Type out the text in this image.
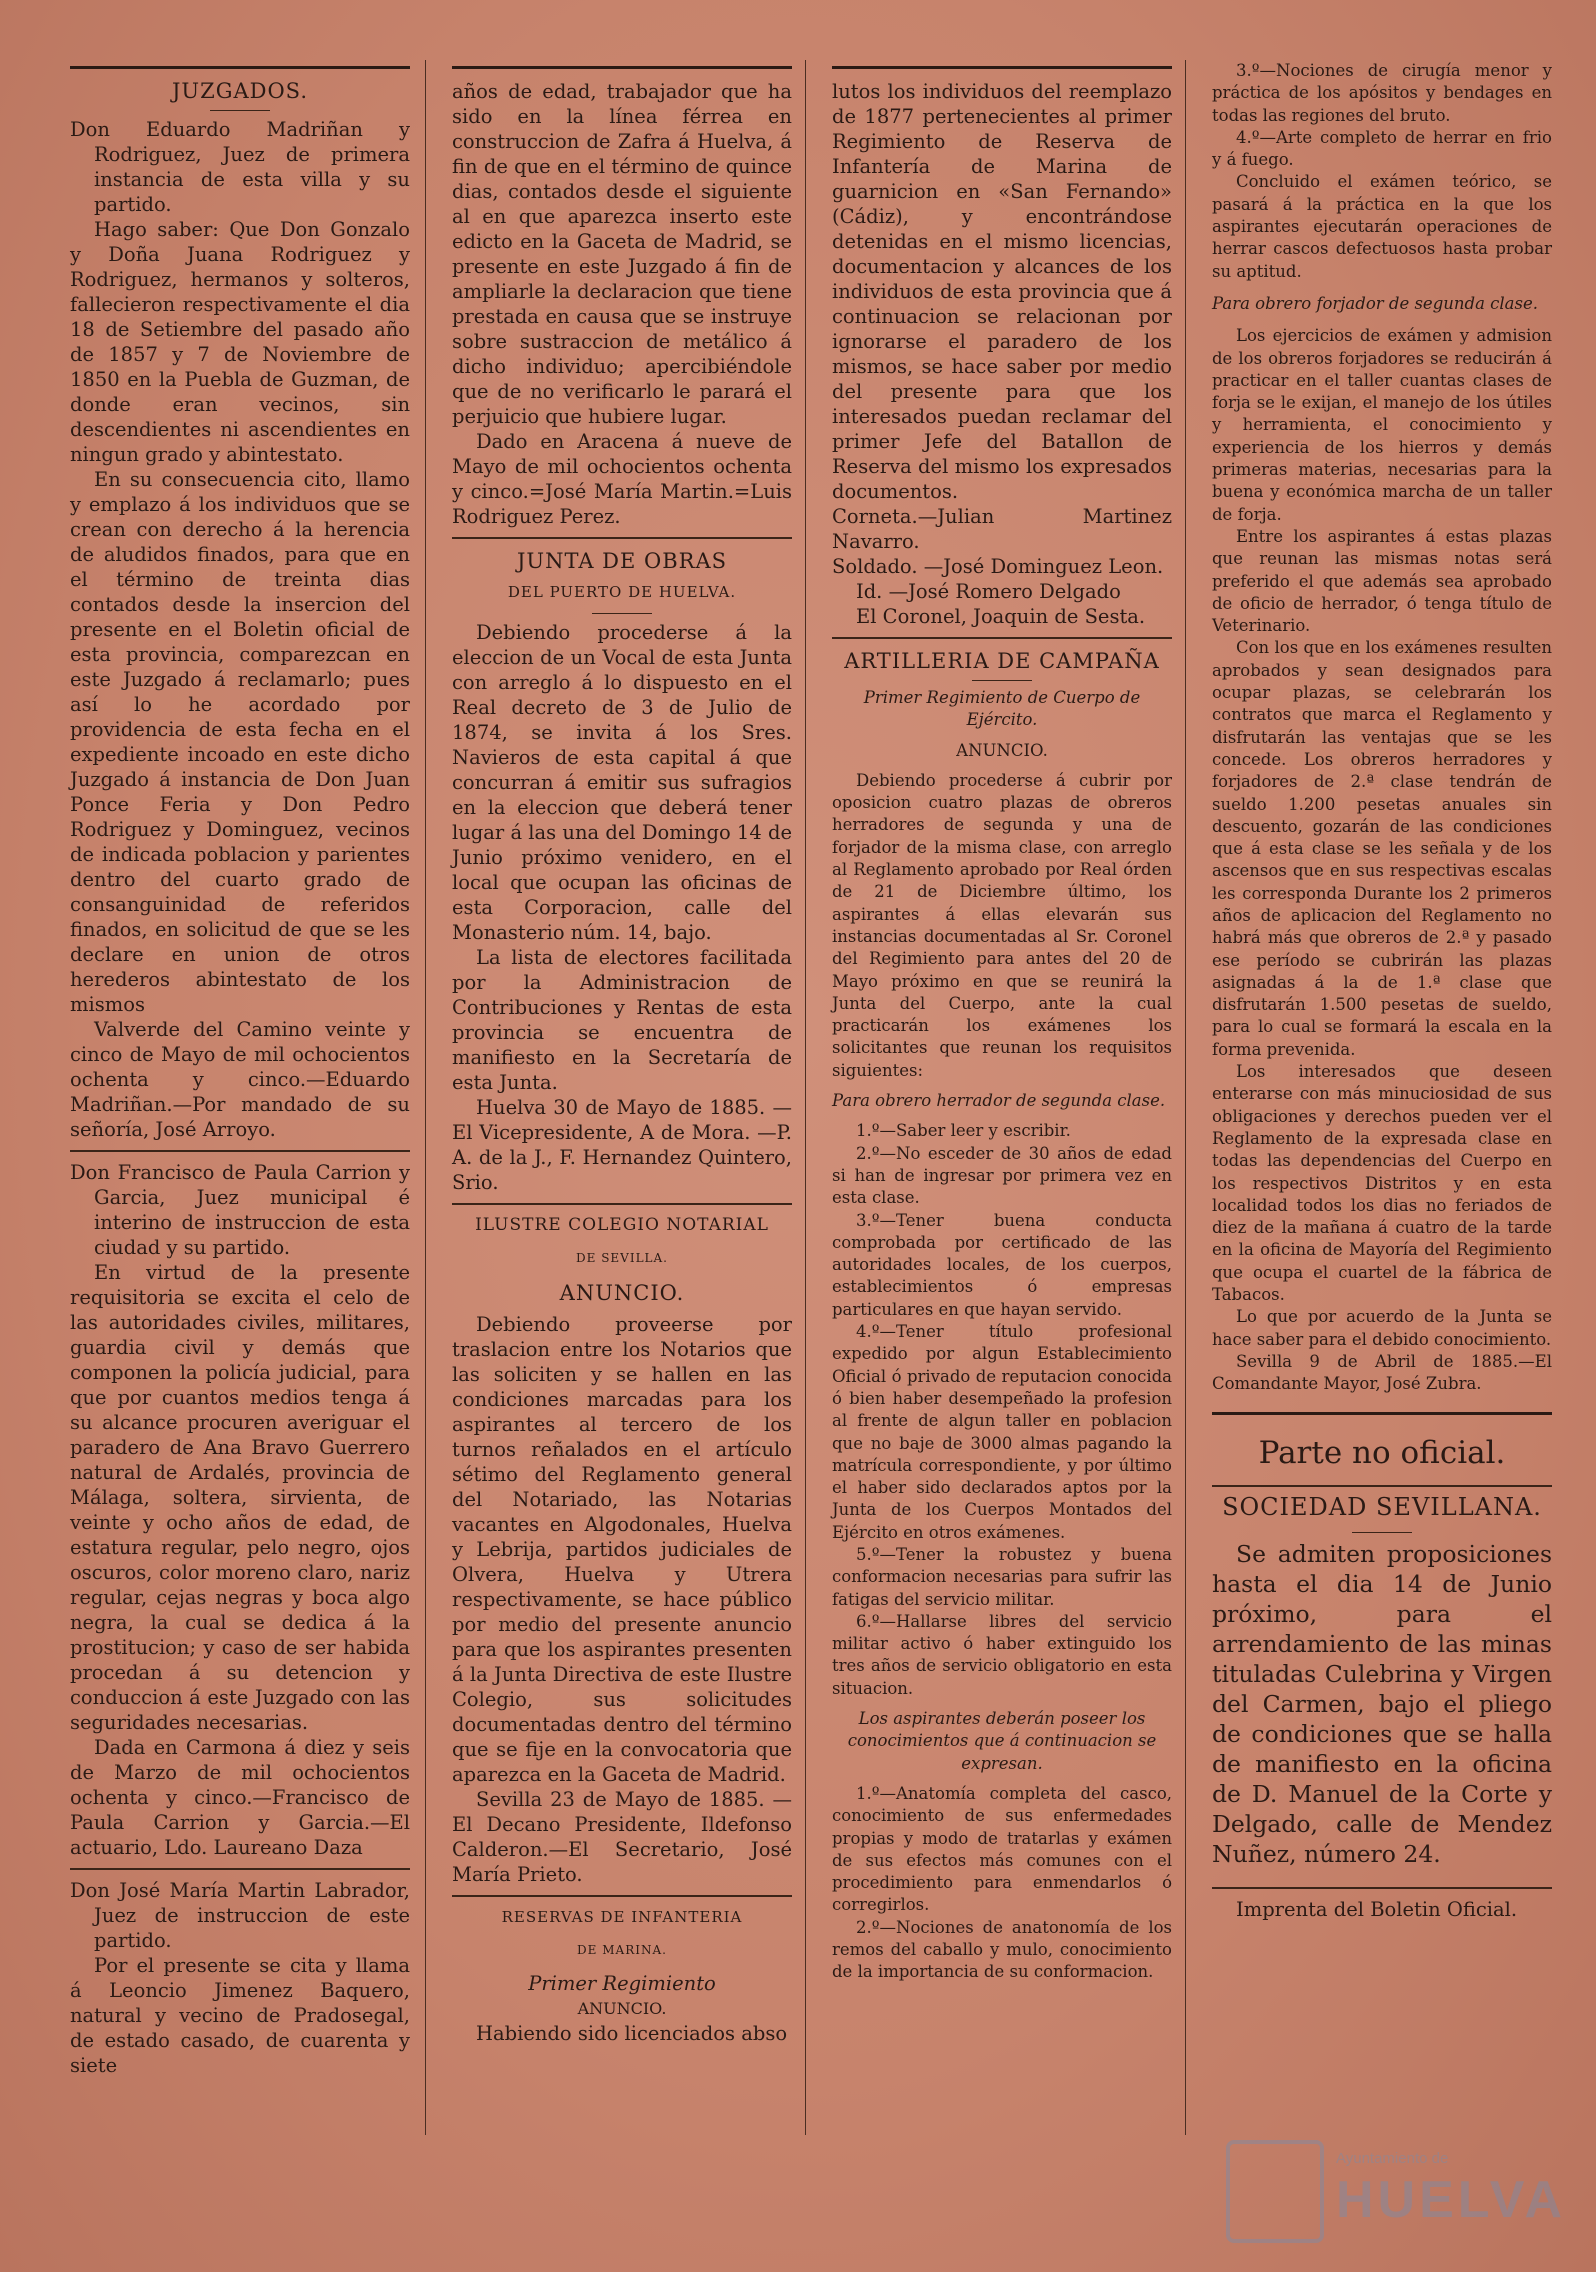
JUZGADOS.

Don Eduardo Madriñan y Rodriguez, Juez de primera instancia de esta villa y su partido.

Hago saber: Que Don Gonzalo y Doña Juana Rodriguez y Rodriguez, hermanos y solteros, fallecieron respectivamente el dia 18 de Setiembre del pasado año de 1857 y 7 de Noviembre de 1850 en la Puebla de Guzman, de donde eran vecinos, sin descendientes ni ascendientes en ningun grado y abintestato.

En su consecuencia cito, llamo y emplazo á los individuos que se crean con derecho á la herencia de aludidos finados, para que en el término de treinta dias contados desde la insercion del presente en el Boletin oficial de esta provincia, comparezcan en este Juzgado á reclamarlo; pues así lo he acordado por providencia de esta fecha en el expediente incoado en este dicho Juzgado á instancia de Don Juan Ponce Feria y Don Pedro Rodriguez y Dominguez, vecinos de indicada poblacion y parientes dentro del cuarto grado de consanguinidad de referidos finados, en solicitud de que se les declare en union de otros herederos abintestato de los mismos

Valverde del Camino veinte y cinco de Mayo de mil ochocientos ochenta y cinco.—Eduardo Madriñan.—Por mandado de su señoría, José Arroyo.

Don Francisco de Paula Carrion y Garcia, Juez municipal é interino de instruccion de esta ciudad y su partido.

En virtud de la presente requisitoria se excita el celo de las autoridades civiles, militares, guardia civil y demás que componen la policía judicial, para que por cuantos medios tenga á su alcance procuren averiguar el paradero de Ana Bravo Guerrero natural de Ardalés, provincia de Málaga, soltera, sirvienta, de veinte y ocho años de edad, de estatura regular, pelo negro, ojos oscuros, color moreno claro, nariz regular, cejas negras y boca algo negra, la cual se dedica á la prostitucion; y caso de ser habida procedan á su detencion y conduccion á este Juzgado con las seguridades necesarias.

Dada en Carmona á diez y seis de Marzo de mil ochocientos ochenta y cinco.—Francisco de Paula Carrion y Garcia.—El actuario, Ldo. Laureano Daza

Don José María Martin Labrador, Juez de instruccion de este partido.

Por el presente se cita y llama á Leoncio Jimenez Baquero, natural y vecino de Pradosegal, de estado casado, de cuarenta y siete

años de edad, trabajador que ha sido en la línea férrea en construccion de Zafra á Huelva, á fin de que en el término de quince dias, contados desde el siguiente al en que aparezca inserto este edicto en la Gaceta de Madrid, se presente en este Juzgado á fin de ampliarle la declaracion que tiene prestada en causa que se instruye sobre sustraccion de metálico á dicho individuo; apercibiéndole que de no verificarlo le parará el perjuicio que hubiere lugar.

Dado en Aracena á nueve de Mayo de mil ochocientos ochenta y cinco.=José María Martin.=Luis Rodriguez Perez.

JUNTA DE OBRAS
DEL PUERTO DE HUELVA.

Debiendo procederse á la eleccion de un Vocal de esta Junta con arreglo á lo dispuesto en el Real decreto de 3 de Julio de 1874, se invita á los Sres. Navieros de esta capital á que concurran á emitir sus sufragios en la eleccion que deberá tener lugar á las una del Domingo 14 de Junio próximo venidero, en el local que ocupan las oficinas de esta Corporacion, calle del Monasterio núm. 14, bajo.

La lista de electores facilitada por la Administracion de Contribuciones y Rentas de esta provincia se encuentra de manifiesto en la Secretaría de esta Junta.

Huelva 30 de Mayo de 1885. —El Vicepresidente, A de Mora. —P. A. de la J., F. Hernandez Quintero, Srio.

ILUSTRE COLEGIO NOTARIAL
DE SEVILLA.
ANUNCIO.

Debiendo proveerse por traslacion entre los Notarios que las soliciten y se hallen en las condiciones marcadas para los aspirantes al tercero de los turnos reñalados en el artículo sétimo del Reglamento general del Notariado, las Notarias vacantes en Algodonales, Huelva y Lebrija, partidos judiciales de Olvera, Huelva y Utrera respectivamente, se hace público por medio del presente anuncio para que los aspirantes presenten á la Junta Directiva de este Ilustre Colegio, sus solicitudes documentadas dentro del término que se fije en la convocatoria que aparezca en la Gaceta de Madrid.

Sevilla 23 de Mayo de 1885. —El Decano Presidente, Ildefonso Calderon.—El Secretario, José María Prieto.

RESERVAS DE INFANTERIA
DE MARINA.

Primer Regimiento

ANUNCIO.

Habiendo sido licenciados abso

lutos los individuos del reemplazo de 1877 pertenecientes al primer Regimiento de Reserva de Infantería de Marina de guarnicion en «San Fernando» (Cádiz), y encontrándose detenidas en el mismo licencias, documentacion y alcances de los individuos de esta provincia que á continuacion se relacionan por ignorarse el paradero de los mismos, se hace saber por medio del presente para que los interesados puedan reclamar del primer Jefe del Batallon de Reserva del mismo los expresados documentos.

Corneta.—Julian Martinez Navarro.

Soldado. —José Dominguez Leon.

Id. —José Romero Delgado

El Coronel, Joaquin de Sesta.

ARTILLERIA DE CAMPAÑA

Primer Regimiento de Cuerpo de Ejército.

ANUNCIO.

Debiendo procederse á cubrir por oposicion cuatro plazas de obreros herradores de segunda y una de forjador de la misma clase, con arreglo al Reglamento aprobado por Real órden de 21 de Diciembre último, los aspirantes á ellas elevarán sus instancias documentadas al Sr. Coronel del Regimiento para antes del 20 de Mayo próximo en que se reunirá la Junta del Cuerpo, ante la cual practicarán los exámenes los solicitantes que reunan los requisitos siguientes:

Para obrero herrador de segunda clase.

1.º—Saber leer y escribir.

2.º—No esceder de 30 años de edad si han de ingresar por primera vez en esta clase.

3.º—Tener buena conducta comprobada por certificado de las autoridades locales, de los cuerpos, establecimientos ó empresas particulares en que hayan servido.

4.º—Tener título profesional expedido por algun Establecimiento Oficial ó privado de reputacion conocida ó bien haber desempeñado la profesion al frente de algun taller en poblacion que no baje de 3000 almas pagando la matrícula correspondiente, y por último el haber sido declarados aptos por la Junta de los Cuerpos Montados del Ejército en otros exámenes.

5.º—Tener la robustez y buena conformacion necesarias para sufrir las fatigas del servicio militar.

6.º—Hallarse libres del servicio militar activo ó haber extinguido los tres años de servicio obligatorio en esta situacion.

Los aspirantes deberán poseer los conocimientos que á continuacion se expresan.

1.º—Anatomía completa del casco, conocimiento de sus enfermedades propias y modo de tratarlas y exámen de sus efectos más comunes con el procedimiento para enmendarlos ó corregirlos.

2.º—Nociones de anatonomía de los remos del caballo y mulo, conocimiento de la importancia de su conformacion.

3.º—Nociones de cirugía menor y práctica de los apósitos y bendages en todas las regiones del bruto.

4.º—Arte completo de herrar en frio y á fuego.

Concluido el exámen teórico, se pasará á la práctica en la que los aspirantes ejecutarán operaciones de herrar cascos defectuosos hasta probar su aptitud.

Para obrero forjador de segunda clase.

Los ejercicios de exámen y admision de los obreros forjadores se reducirán á practicar en el taller cuantas clases de forja se le exijan, el manejo de los útiles y herramienta, el conocimiento y experiencia de los hierros y demás primeras materias, necesarias para la buena y económica marcha de un taller de forja.

Entre los aspirantes á estas plazas que reunan las mismas notas será preferido el que además sea aprobado de oficio de herrador, ó tenga título de Veterinario.

Con los que en los exámenes resulten aprobados y sean designados para ocupar plazas, se celebrarán los contratos que marca el Reglamento y disfrutarán las ventajas que se les concede. Los obreros herradores y forjadores de 2.ª clase tendrán de sueldo 1.200 pesetas anuales sin descuento, gozarán de las condiciones que á esta clase se les señala y de los ascensos que en sus respectivas escalas les corresponda Durante los 2 primeros años de aplicacion del Reglamento no habrá más que obreros de 2.ª y pasado ese período se cubrirán las plazas asignadas á la de 1.ª clase que disfrutarán 1.500 pesetas de sueldo, para lo cual se formará la escala en la forma prevenida.

Los interesados que deseen enterarse con más minuciosidad de sus obligaciones y derechos pueden ver el Reglamento de la expresada clase en todas las dependencias del Cuerpo en los respectivos Distritos y en esta localidad todos los dias no feriados de diez de la mañana á cuatro de la tarde en la oficina de Mayoría del Regimiento que ocupa el cuartel de la fábrica de Tabacos.

Lo que por acuerdo de la Junta se hace saber para el debido conocimiento.

Sevilla 9 de Abril de 1885.—El Comandante Mayor, José Zubra.

Parte no oficial.
SOCIEDAD SEVILLANA.

Se admiten proposiciones hasta el dia 14 de Junio próximo, para el arrendamiento de las minas tituladas Culebrina y Virgen del Carmen, bajo el pliego de condiciones que se halla de manifiesto en la oficina de D. Manuel de la Corte y Delgado, calle de Mendez Nuñez, número 24.

Imprenta del Boletin Oficial.

Ayuntamiento de
HUELVA
